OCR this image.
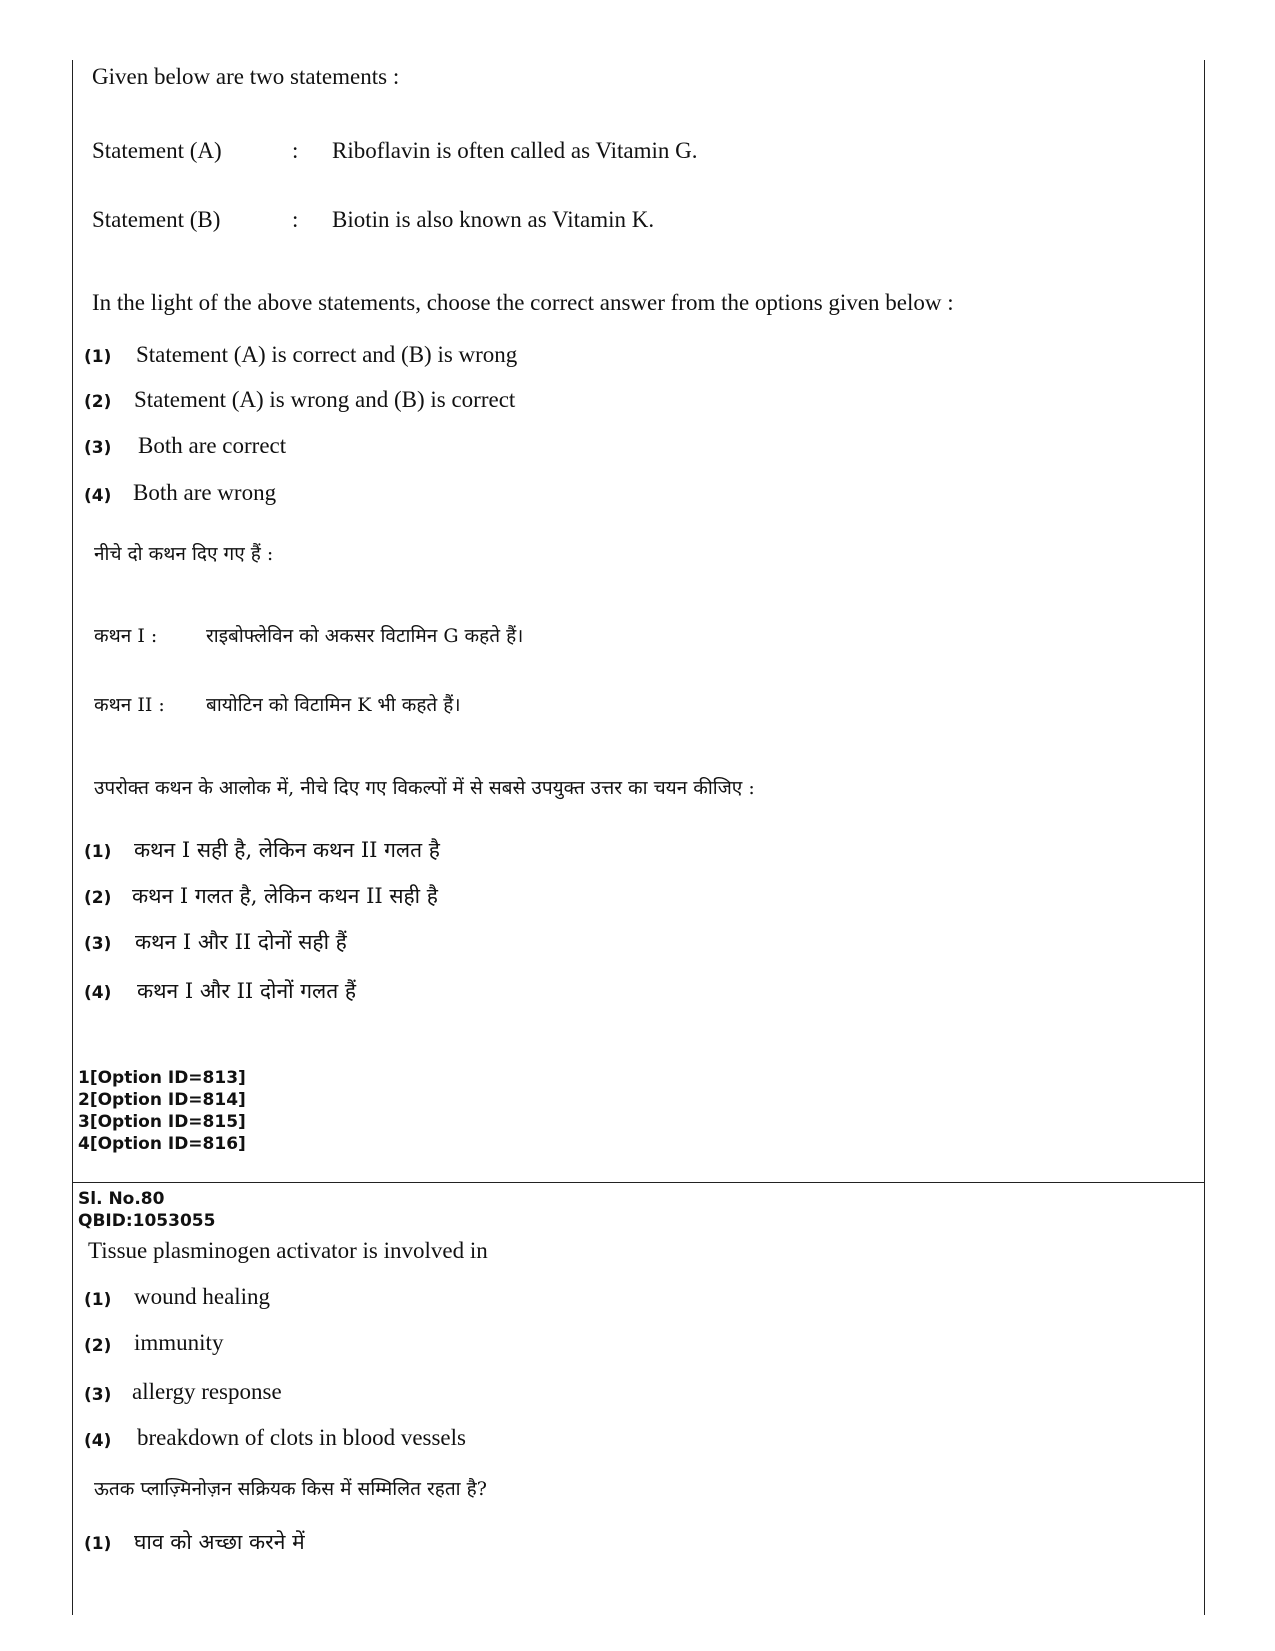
Given below are two statements :
Statement (A)	: Riboflavin is often called as Vitamin G.
Statement (B)	: Biotin is also known as Vitamin K.
In the light of the above statements, choose the correct answer from the options given below :
(1) Statement (A) is correct and (B) is wrong
(2) Statement (A) is wrong and (B) is correct
(3) Both are correct
(4) Both are wrong
नीचे दो कथन दिए गए हैं :
कथन I :	राइबोफ्लेविन को अकसर विटामिन G कहते हैं।
कथन II : बायोटिन को विटामिन K भी कहते हैं।
उपरोक्त कथन के आलोक में, नीचे दिए गए विकल्पों में से सबसे उपयुक्त उत्तर का चयन कीजिए :
(1) कथन I सही है, लेकिन कथन II गलत है
(2) कथन I गलत है, लेकिन कथन II सही है
(3) कथन I और II दोनों सही हैं
(4) कथन I और II दोनों गलत हैं
1[Option ID=813]
2[Option ID=814]
3[Option ID=815]
4[Option ID=816]
Sl. No.80
QBID:1053055
Tissue plasminogen activator is involved in
(1) wound healing
(2) immunity
(3) allergy response
(4) breakdown of clots in blood vessels
ऊतक प्लाज़्मिनोज़न सक्रियक किस में सम्मिलित रहता है?
(1) घाव को अच्छा करने में
